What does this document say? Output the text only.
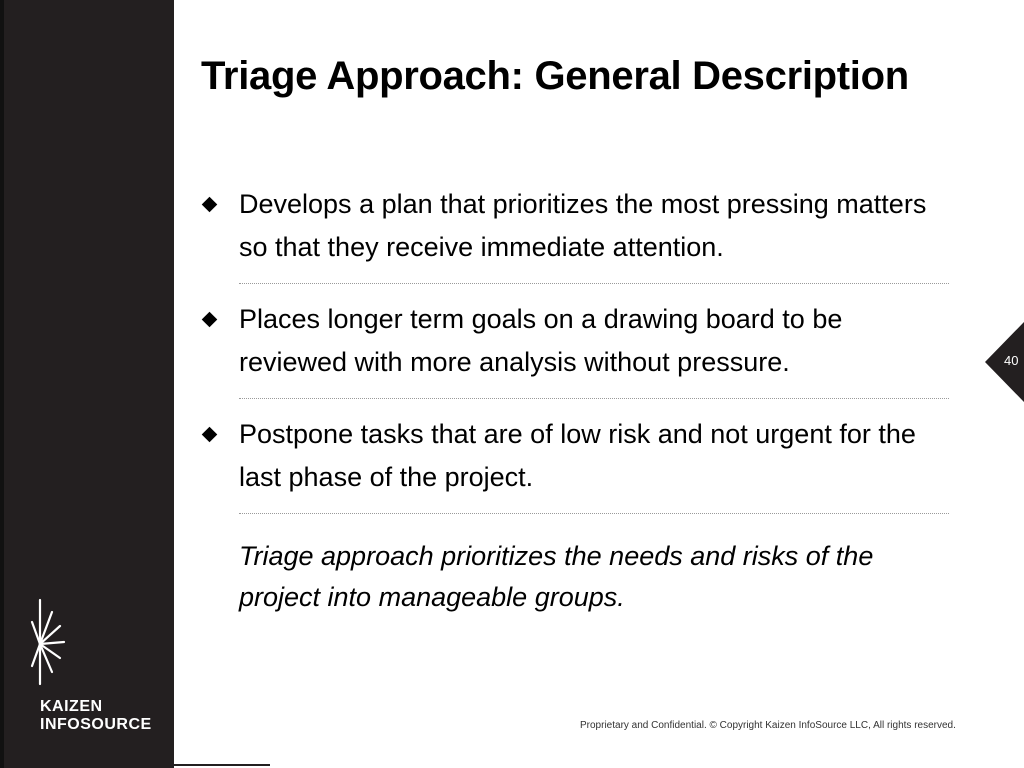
KAIZEN
INFOSOURCE
Triage Approach: General Description
Develops a plan that prioritizes the most pressing matters so that they receive immediate attention.
Places longer term goals on a drawing board to be reviewed with more analysis without pressure.
Postpone tasks that are of low risk and not urgent for the last phase of the project.
Triage approach prioritizes the needs and risks of the project into manageable groups.
40
Proprietary and Confidential. © Copyright Kaizen InfoSource LLC, All rights reserved.
